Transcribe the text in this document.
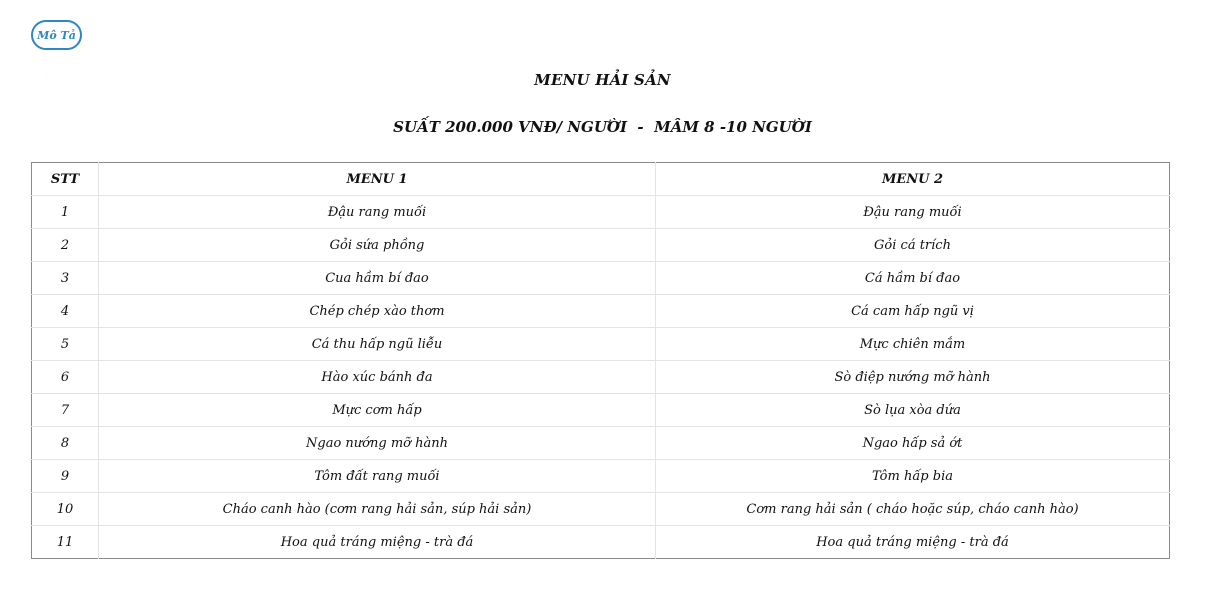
Mô Tả
MENU HẢI SẢN
SUẤT 200.000 VNĐ/ NGƯỜI  -  MÂM 8 -10 NGƯỜI
STT	MENU 1	MENU 2
1	Đậu rang muối	Đậu rang muối
2	Gỏi sứa phồng	Gỏi cá trích
3	Cua hầm bí đao	Cá hầm bí đao
4	Chép chép xào thơm	Cá cam hấp ngũ vị
5	Cá thu hấp ngũ liễu	Mực chiên mắm
6	Hào xúc bánh đa	Sò điệp nướng mỡ hành
7	Mực cơm hấp	Sò lụa xòa dứa
8	Ngao nướng mỡ hành	Ngao hấp sả ớt
9	Tôm đất rang muối	Tôm hấp bia
10	Cháo canh hào (cơm rang hải sản, súp hải sản)	Cơm rang hải sản ( cháo hoặc súp, cháo canh hào)
11	Hoa quả tráng miệng - trà đá	Hoa quả tráng miệng - trà đá
